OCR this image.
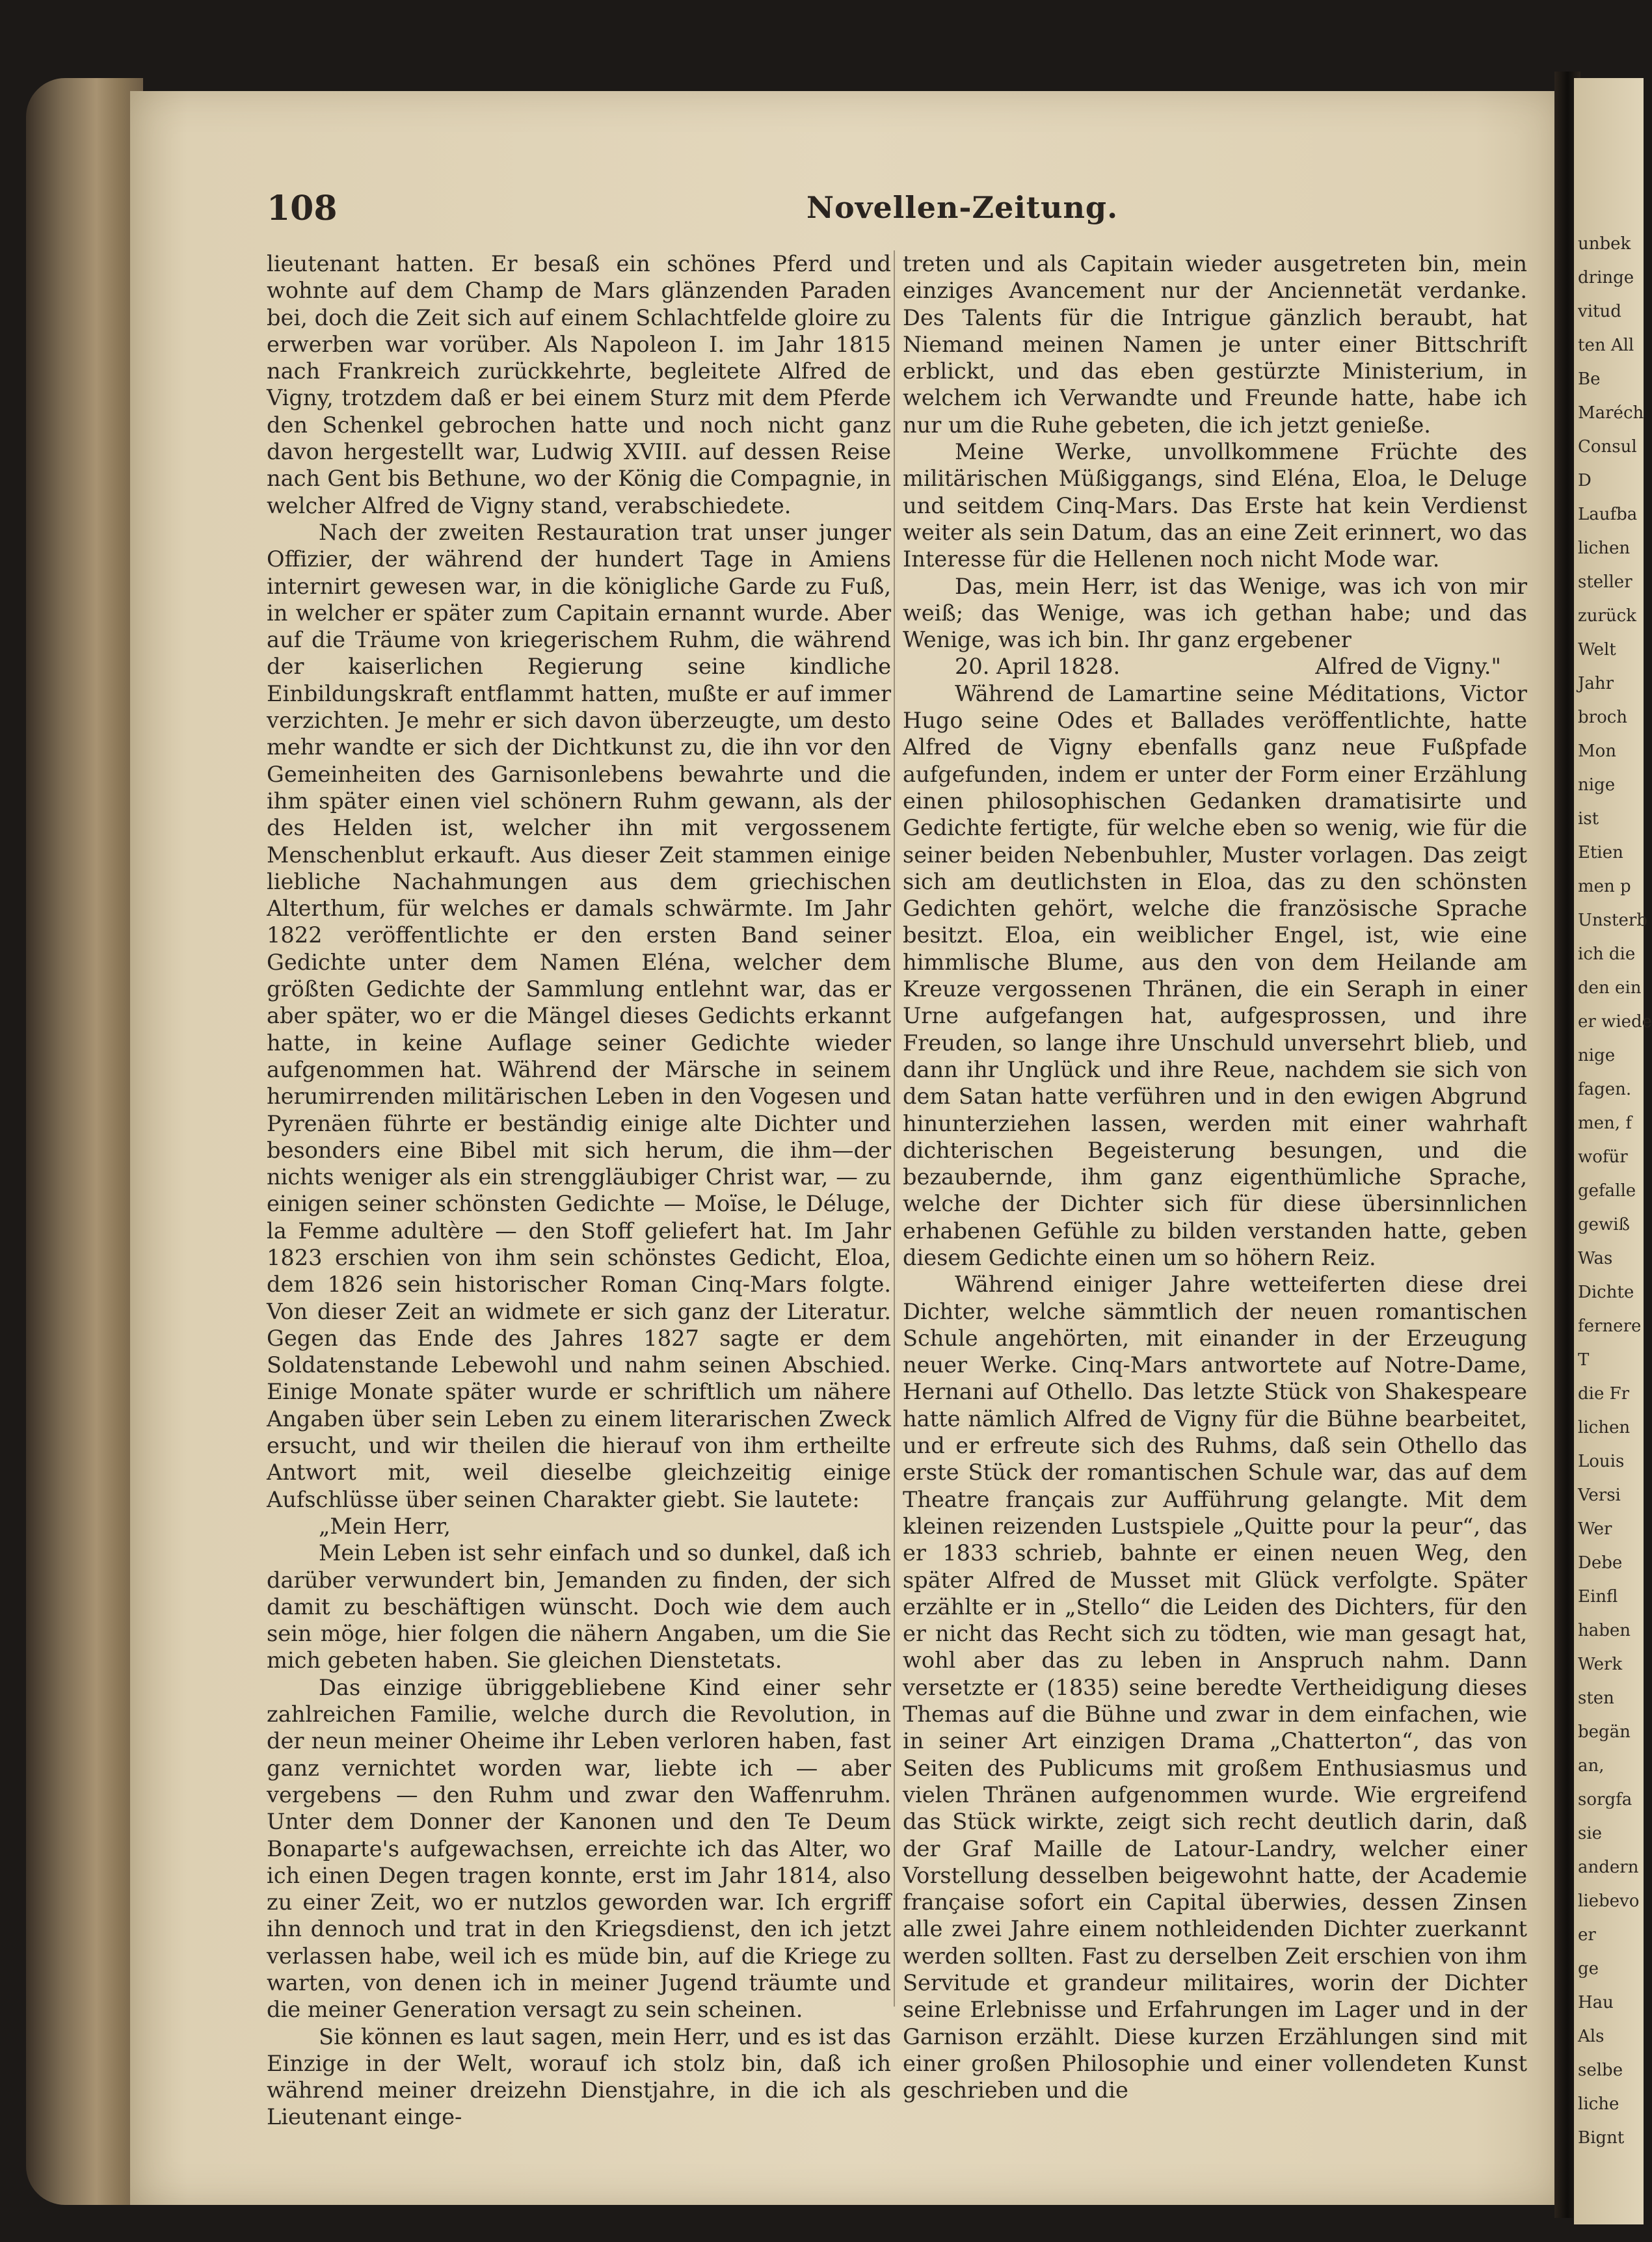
unbek
dringe
vitud
ten All
Be
Maréch
Consul
D
Laufba
lichen
steller
zurück
Welt
Jahr
broch
Mon
nige
ist
Etien
men p
Unsterb
ich die
den ein
er wiede
nige
fagen.
men, f
wofür
gefalle
gewiß
Was
Dichte
fernere
T
die Fr
lichen
Louis
Versi
Wer
Debe
Einfl
haben
Werk
sten
begän
an,
sorgfa
sie
andern
liebevo
er
ge
Hau
Als
selbe
liche
Bignt
108	Novellen-Zeitung.

lieutenant hatten. Er besaß ein schönes Pferd und wohnte auf dem Champ de Mars glänzenden Paraden bei, doch die Zeit sich auf einem Schlachtfelde gloire zu erwerben war vorüber. Als Napoleon I. im Jahr 1815 nach Frankreich zurückkehrte, begleitete Alfred de Vigny, trotzdem daß er bei einem Sturz mit dem Pferde den Schenkel gebrochen hatte und noch nicht ganz davon hergestellt war, Ludwig XVIII. auf dessen Reise nach Gent bis Bethune, wo der König die Compagnie, in welcher Alfred de Vigny stand, verabschiedete.

Nach der zweiten Restauration trat unser junger Offizier, der während der hundert Tage in Amiens internirt gewesen war, in die königliche Garde zu Fuß, in welcher er später zum Capitain ernannt wurde. Aber auf die Träume von kriegerischem Ruhm, die während der kaiserlichen Regierung seine kindliche Einbildungskraft entflammt hatten, mußte er auf immer verzichten. Je mehr er sich davon überzeugte, um desto mehr wandte er sich der Dichtkunst zu, die ihn vor den Gemeinheiten des Garnisonlebens bewahrte und die ihm später einen viel schönern Ruhm gewann, als der des Helden ist, welcher ihn mit vergossenem Menschenblut erkauft. Aus dieser Zeit stammen einige liebliche Nachahmungen aus dem griechischen Alterthum, für welches er damals schwärmte. Im Jahr 1822 veröffentlichte er den ersten Band seiner Gedichte unter dem Namen Eléna, welcher dem größten Gedichte der Sammlung entlehnt war, das er aber später, wo er die Mängel dieses Gedichts erkannt hatte, in keine Auflage seiner Gedichte wieder aufgenommen hat. Während der Märsche in seinem herumirrenden militärischen Leben in den Vogesen und Pyrenäen führte er beständig einige alte Dichter und besonders eine Bibel mit sich herum, die ihm—der nichts weniger als ein strenggläubiger Christ war, — zu einigen seiner schönsten Gedichte — Moïse, le Déluge, la Femme adultère — den Stoff geliefert hat. Im Jahr 1823 erschien von ihm sein schönstes Gedicht, Eloa, dem 1826 sein historischer Roman Cinq-Mars folgte. Von dieser Zeit an widmete er sich ganz der Literatur. Gegen das Ende des Jahres 1827 sagte er dem Soldatenstande Lebewohl und nahm seinen Abschied. Einige Monate später wurde er schriftlich um nähere Angaben über sein Leben zu einem literarischen Zweck ersucht, und wir theilen die hierauf von ihm ertheilte Antwort mit, weil dieselbe gleichzeitig einige Aufschlüsse über seinen Charakter giebt. Sie lautete:

„Mein Herr,

Mein Leben ist sehr einfach und so dunkel, daß ich darüber verwundert bin, Jemanden zu finden, der sich damit zu beschäftigen wünscht. Doch wie dem auch sein möge, hier folgen die nähern Angaben, um die Sie mich gebeten haben. Sie gleichen Dienstetats.

Das einzige übriggebliebene Kind einer sehr zahlreichen Familie, welche durch die Revolution, in der neun meiner Oheime ihr Leben verloren haben, fast ganz vernichtet worden war, liebte ich — aber vergebens — den Ruhm und zwar den Waffenruhm. Unter dem Donner der Kanonen und den Te Deum Bonaparte's aufgewachsen, erreichte ich das Alter, wo ich einen Degen tragen konnte, erst im Jahr 1814, also zu einer Zeit, wo er nutzlos geworden war. Ich ergriff ihn dennoch und trat in den Kriegsdienst, den ich jetzt verlassen habe, weil ich es müde bin, auf die Kriege zu warten, von denen ich in meiner Jugend träumte und die meiner Generation versagt zu sein scheinen.

Sie können es laut sagen, mein Herr, und es ist das Einzige in der Welt, worauf ich stolz bin, daß ich während meiner dreizehn Dienstjahre, in die ich als Lieutenant einge-

treten und als Capitain wieder ausgetreten bin, mein einziges Avancement nur der Anciennetät verdanke. Des Talents für die Intrigue gänzlich beraubt, hat Niemand meinen Namen je unter einer Bittschrift erblickt, und das eben gestürzte Ministerium, in welchem ich Verwandte und Freunde hatte, habe ich nur um die Ruhe gebeten, die ich jetzt genieße.

Meine Werke, unvollkommene Früchte des militärischen Müßiggangs, sind Eléna, Eloa, le Deluge und seitdem Cinq-Mars. Das Erste hat kein Verdienst weiter als sein Datum, das an eine Zeit erinnert, wo das Interesse für die Hellenen noch nicht Mode war.

Das, mein Herr, ist das Wenige, was ich von mir weiß; das Wenige, was ich gethan habe; und das Wenige, was ich bin. Ihr ganz ergebener

20. April 1828.	Alfred de Vigny."

Während de Lamartine seine Méditations, Victor Hugo seine Odes et Ballades veröffentlichte, hatte Alfred de Vigny ebenfalls ganz neue Fußpfade aufgefunden, indem er unter der Form einer Erzählung einen philosophischen Gedanken dramatisirte und Gedichte fertigte, für welche eben so wenig, wie für die seiner beiden Nebenbuhler, Muster vorlagen. Das zeigt sich am deutlichsten in Eloa, das zu den schönsten Gedichten gehört, welche die französische Sprache besitzt. Eloa, ein weiblicher Engel, ist, wie eine himmlische Blume, aus den von dem Heilande am Kreuze vergossenen Thränen, die ein Seraph in einer Urne aufgefangen hat, aufgesprossen, und ihre Freuden, so lange ihre Unschuld unversehrt blieb, und dann ihr Unglück und ihre Reue, nachdem sie sich von dem Satan hatte verführen und in den ewigen Abgrund hinunterziehen lassen, werden mit einer wahrhaft dichterischen Begeisterung besungen, und die bezaubernde, ihm ganz eigenthümliche Sprache, welche der Dichter sich für diese übersinnlichen erhabenen Gefühle zu bilden verstanden hatte, geben diesem Gedichte einen um so höhern Reiz.

Während einiger Jahre wetteiferten diese drei Dichter, welche sämmtlich der neuen romantischen Schule angehörten, mit einander in der Erzeugung neuer Werke. Cinq-Mars antwortete auf Notre-Dame, Hernani auf Othello. Das letzte Stück von Shakespeare hatte nämlich Alfred de Vigny für die Bühne bearbeitet, und er erfreute sich des Ruhms, daß sein Othello das erste Stück der romantischen Schule war, das auf dem Theatre français zur Aufführung gelangte. Mit dem kleinen reizenden Lustspiele „Quitte pour la peur“, das er 1833 schrieb, bahnte er einen neuen Weg, den später Alfred de Musset mit Glück verfolgte. Später erzählte er in „Stello“ die Leiden des Dichters, für den er nicht das Recht sich zu tödten, wie man gesagt hat, wohl aber das zu leben in Anspruch nahm. Dann versetzte er (1835) seine beredte Vertheidigung dieses Themas auf die Bühne und zwar in dem einfachen, wie in seiner Art einzigen Drama „Chatterton“, das von Seiten des Publicums mit großem Enthusiasmus und vielen Thränen aufgenommen wurde. Wie ergreifend das Stück wirkte, zeigt sich recht deutlich darin, daß der Graf Maille de Latour-Landry, welcher einer Vorstellung desselben beigewohnt hatte, der Academie française sofort ein Capital überwies, dessen Zinsen alle zwei Jahre einem nothleidenden Dichter zuerkannt werden sollten. Fast zu derselben Zeit erschien von ihm Servitude et grandeur militaires, worin der Dichter seine Erlebnisse und Erfahrungen im Lager und in der Garnison erzählt. Diese kurzen Erzählungen sind mit einer großen Philosophie und einer vollendeten Kunst geschrieben und die
